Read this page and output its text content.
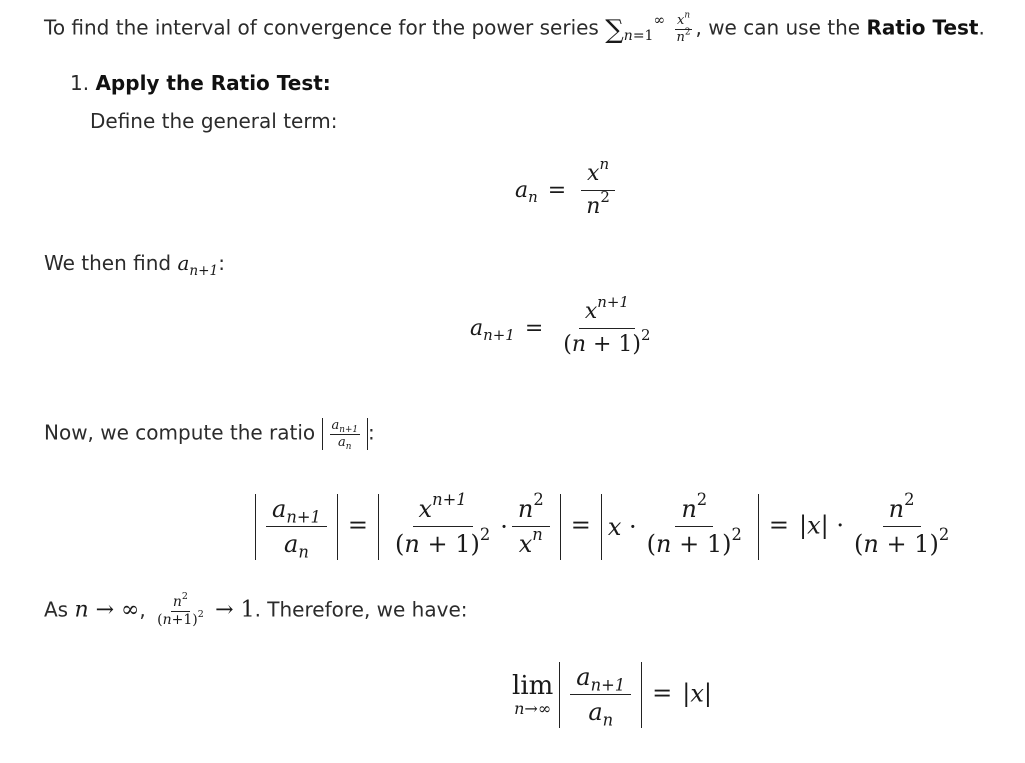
To find the interval of convergence for the power series $\sum_{n=1}^\infty \frac{x^n}{n^2}$ , we can use the Ratio Test.
1. Apply the Ratio Test:
Define the general term:
$a_n = \frac{x^n}{n^2}$
We then find $a_{n+1}$:
$a_{n+1} = \frac{x^{n+1}}{(n + 1)^2}$
Now, we compute the ratio $\frac{a_{n+1}}{a_n}$ :
$\frac{a_{n+1}}{a_n} = \frac{x^{n+1}}{(n + 1)^2} \cdot \frac{n^2}{x^n} = x \cdot \frac{n^2}{(n + 1)^2} = |x| \cdot \frac{n^2}{(n + 1)^2}$
As n → ∞, $\frac{n^2}{(n+1)^2} \to 1$. Therefore, we have:
lim
$n\to\infty \frac{a_{n+1}}{a_n} = |x|$
